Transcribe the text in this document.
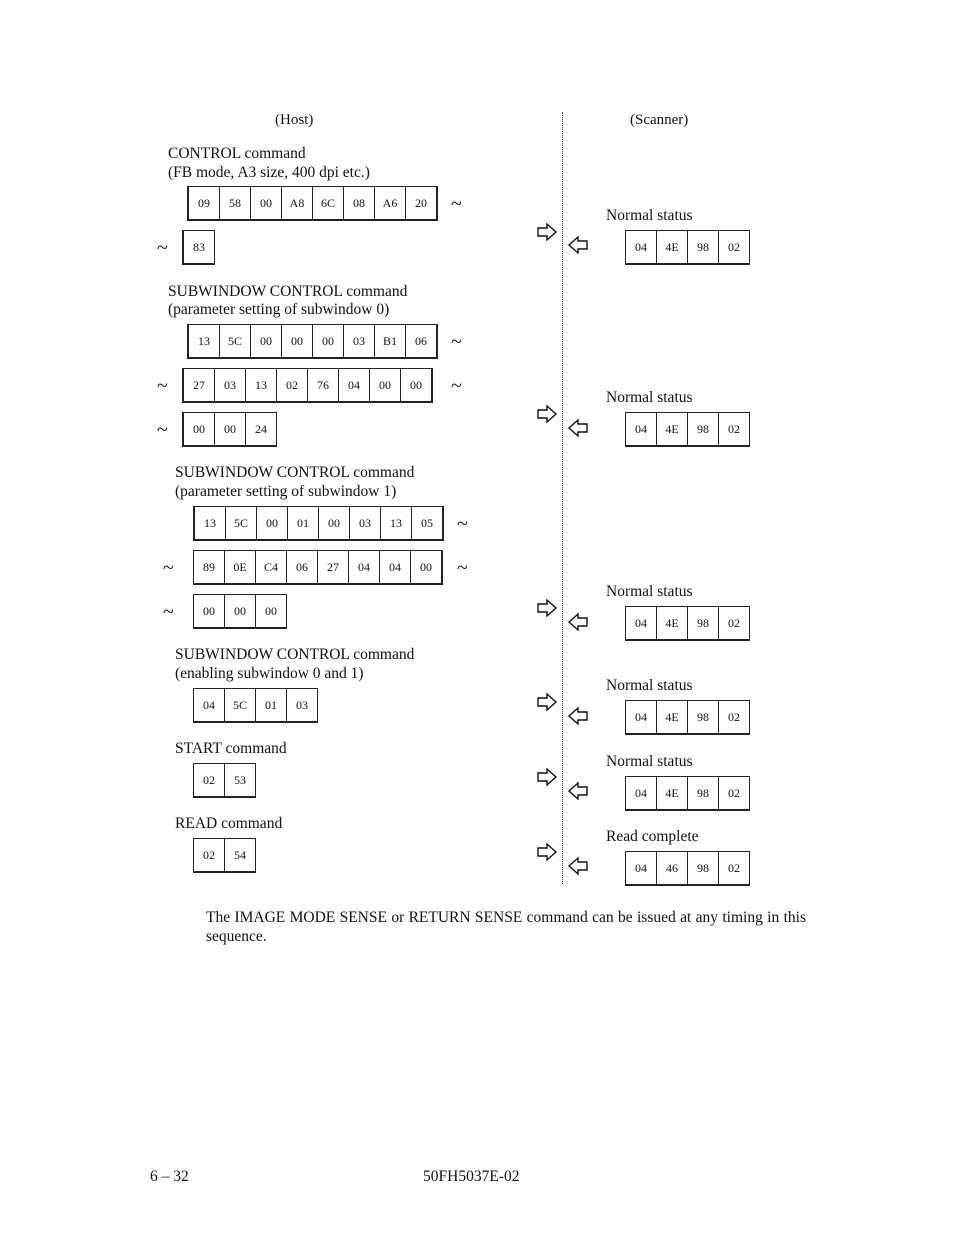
(Host)	(Scanner)
CONTROL command
(FB mode, A3 size, 400 dpi etc.)
09	58	00	A8	6C	08	A6	20	~
~	83
SUBWINDOW CONTROL command
(parameter setting of subwindow 0)
13	5C	00	00	00	03	B1	06	~
~	27	03	13	02	76	04	00	00	~
~	00	00	24
SUBWINDOW CONTROL command
(parameter setting of subwindow 1)
13	5C	00	01	00	03	13	05	~
~	89	0E	C4	06	27	04	04	00	~
~	00	00	00
SUBWINDOW CONTROL command
(enabling subwindow 0 and 1)
04	5C	01	03
START command
02	53
READ command
02	54
Normal status
04	4E	98	02
Normal status
04	4E	98	02
Normal status
04	4E	98	02
Normal status
04	4E	98	02
Normal status
04	4E	98	02
Read complete
04	46	98	02
The IMAGE MODE SENSE or RETURN SENSE command can be issued at any timing in this sequence.
6 – 32	50FH5037E-02
